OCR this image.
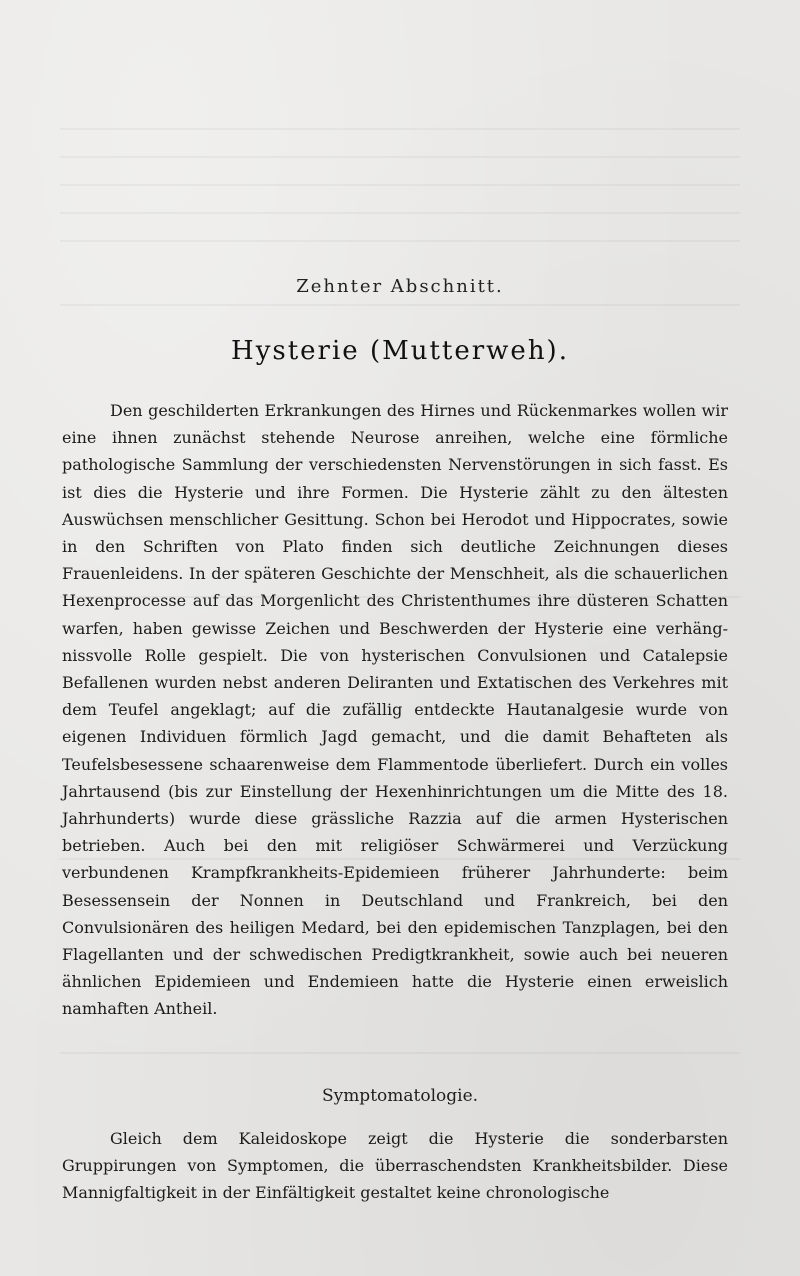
Zehnter Abschnitt.
Hysterie (Mutterweh).
Den geschilderten Erkrankungen des Hirnes und Rückenmarkes wollen wir eine ihnen zunächst stehende Neurose anreihen, welche eine förmliche pathologische Sammlung der verschiedensten Nervenstörungen in sich fasst. Es ist dies die Hysterie und ihre Formen. Die Hysterie zählt zu den ältesten Auswüchsen menschlicher Gesittung. Schon bei Herodot und Hippocrates, sowie in den Schriften von Plato finden sich deutliche Zeichnungen dieses Frauenleidens. In der späteren Geschichte der Menschheit, als die schauerlichen Hexenprocesse auf das Morgenlicht des Christenthumes ihre düsteren Schatten warfen, haben gewisse Zeichen und Beschwerden der Hysterie eine verhängnissvolle Rolle gespielt. Die von hysterischen Convulsionen und Catalepsie Befallenen wurden nebst anderen Deliranten und Extatischen des Verkehres mit dem Teufel angeklagt; auf die zufällig entdeckte Hautanalgesie wurde von eigenen Individuen förmlich Jagd gemacht, und die damit Behafteten als Teufelsbesessene schaarenweise dem Flammentode überliefert. Durch ein volles Jahrtausend (bis zur Einstellung der Hexenhinrichtungen um die Mitte des 18. Jahrhunderts) wurde diese grässliche Razzia auf die armen Hysterischen betrieben. Auch bei den mit religiöser Schwärmerei und Verzückung verbundenen Krampfkrankheits-Epidemieen früherer Jahrhunderte: beim Besessensein der Nonnen in Deutschland und Frankreich, bei den Convulsionären des heiligen Medard, bei den epidemischen Tanzplagen, bei den Flagellanten und der schwedischen Predigtkrankheit, sowie auch bei neueren ähnlichen Epidemieen und Endemieen hatte die Hysterie einen erweislich namhaften Antheil.
Symptomatologie.
Gleich dem Kaleidoskope zeigt die Hysterie die sonderbarsten Gruppirungen von Symptomen, die überraschendsten Krankheitsbilder. Diese Mannigfaltigkeit in der Einfältigkeit gestaltet keine chronologische
